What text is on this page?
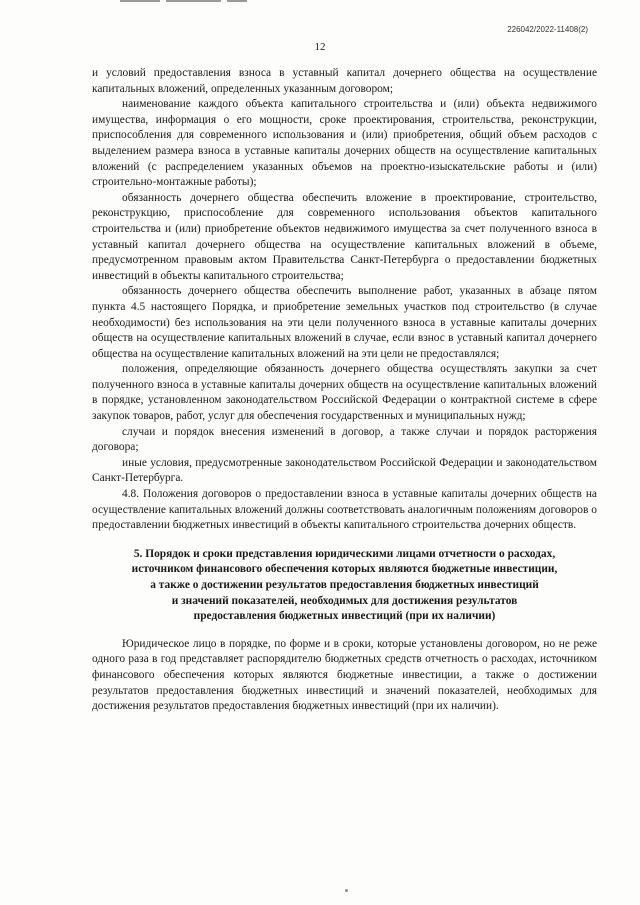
226042/2022-11408(2)
12

и условий предоставления взноса в уставный капитал дочернего общества на осуществление капитальных вложений, определенных указанным договором;

наименование каждого объекта капитального строительства и (или) объекта недвижимого имущества, информация о его мощности, сроке проектирования, строительства, реконструкции, приспособления для современного использования и (или) приобретения, общий объем расходов с выделением размера взноса в уставные капиталы дочерних обществ на осуществление капитальных вложений (с распределением указанных объемов на проектно-изыскательские работы и (или) строительно-монтажные работы);

обязанность дочернего общества обеспечить вложение в проектирование, строительство, реконструкцию, приспособление для современного использования объектов капитального строительства и (или) приобретение объектов недвижимого имущества за счет полученного взноса в уставный капитал дочернего общества на осуществление капитальных вложений в объеме, предусмотренном правовым актом Правительства Санкт-Петербурга о предоставлении бюджетных инвестиций в объекты капитального строительства;

обязанность дочернего общества обеспечить выполнение работ, указанных в абзаце пятом пункта 4.5 настоящего Порядка, и приобретение земельных участков под строительство (в случае необходимости) без использования на эти цели полученного взноса в уставные капиталы дочерних обществ на осуществление капитальных вложений в случае, если взнос в уставный капитал дочернего общества на осуществление капитальных вложений на эти цели не предоставлялся;

положения, определяющие обязанность дочернего общества осуществлять закупки за счет полученного взноса в уставные капиталы дочерних обществ на осуществление капитальных вложений в порядке, установленном законодательством Российской Федерации о контрактной системе в сфере закупок товаров, работ, услуг для обеспечения государственных и муниципальных нужд;

случаи и порядок внесения изменений в договор, а также случаи и порядок расторжения договора;

иные условия, предусмотренные законодательством Российской Федерации и законодательством Санкт-Петербурга.

4.8. Положения договоров о предоставлении взноса в уставные капиталы дочерних обществ на осуществление капитальных вложений должны соответствовать аналогичным положениям договоров о предоставлении бюджетных инвестиций в объекты капитального строительства дочерних обществ.

5. Порядок и сроки представления юридическими лицами отчетности о расходах,
источником финансового обеспечения которых являются бюджетные инвестиции,
а также о достижении результатов предоставления бюджетных инвестиций
и значений показателей, необходимых для достижения результатов
предоставления бюджетных инвестиций (при их наличии)

Юридическое лицо в порядке, по форме и в сроки, которые установлены договором, но не реже одного раза в год представляет распорядителю бюджетных средств отчетность о расходах, источником финансового обеспечения которых являются бюджетные инвестиции, а также о достижении результатов предоставления бюджетных инвестиций и значений показателей, необходимых для достижения результатов предоставления бюджетных инвестиций (при их наличии).
